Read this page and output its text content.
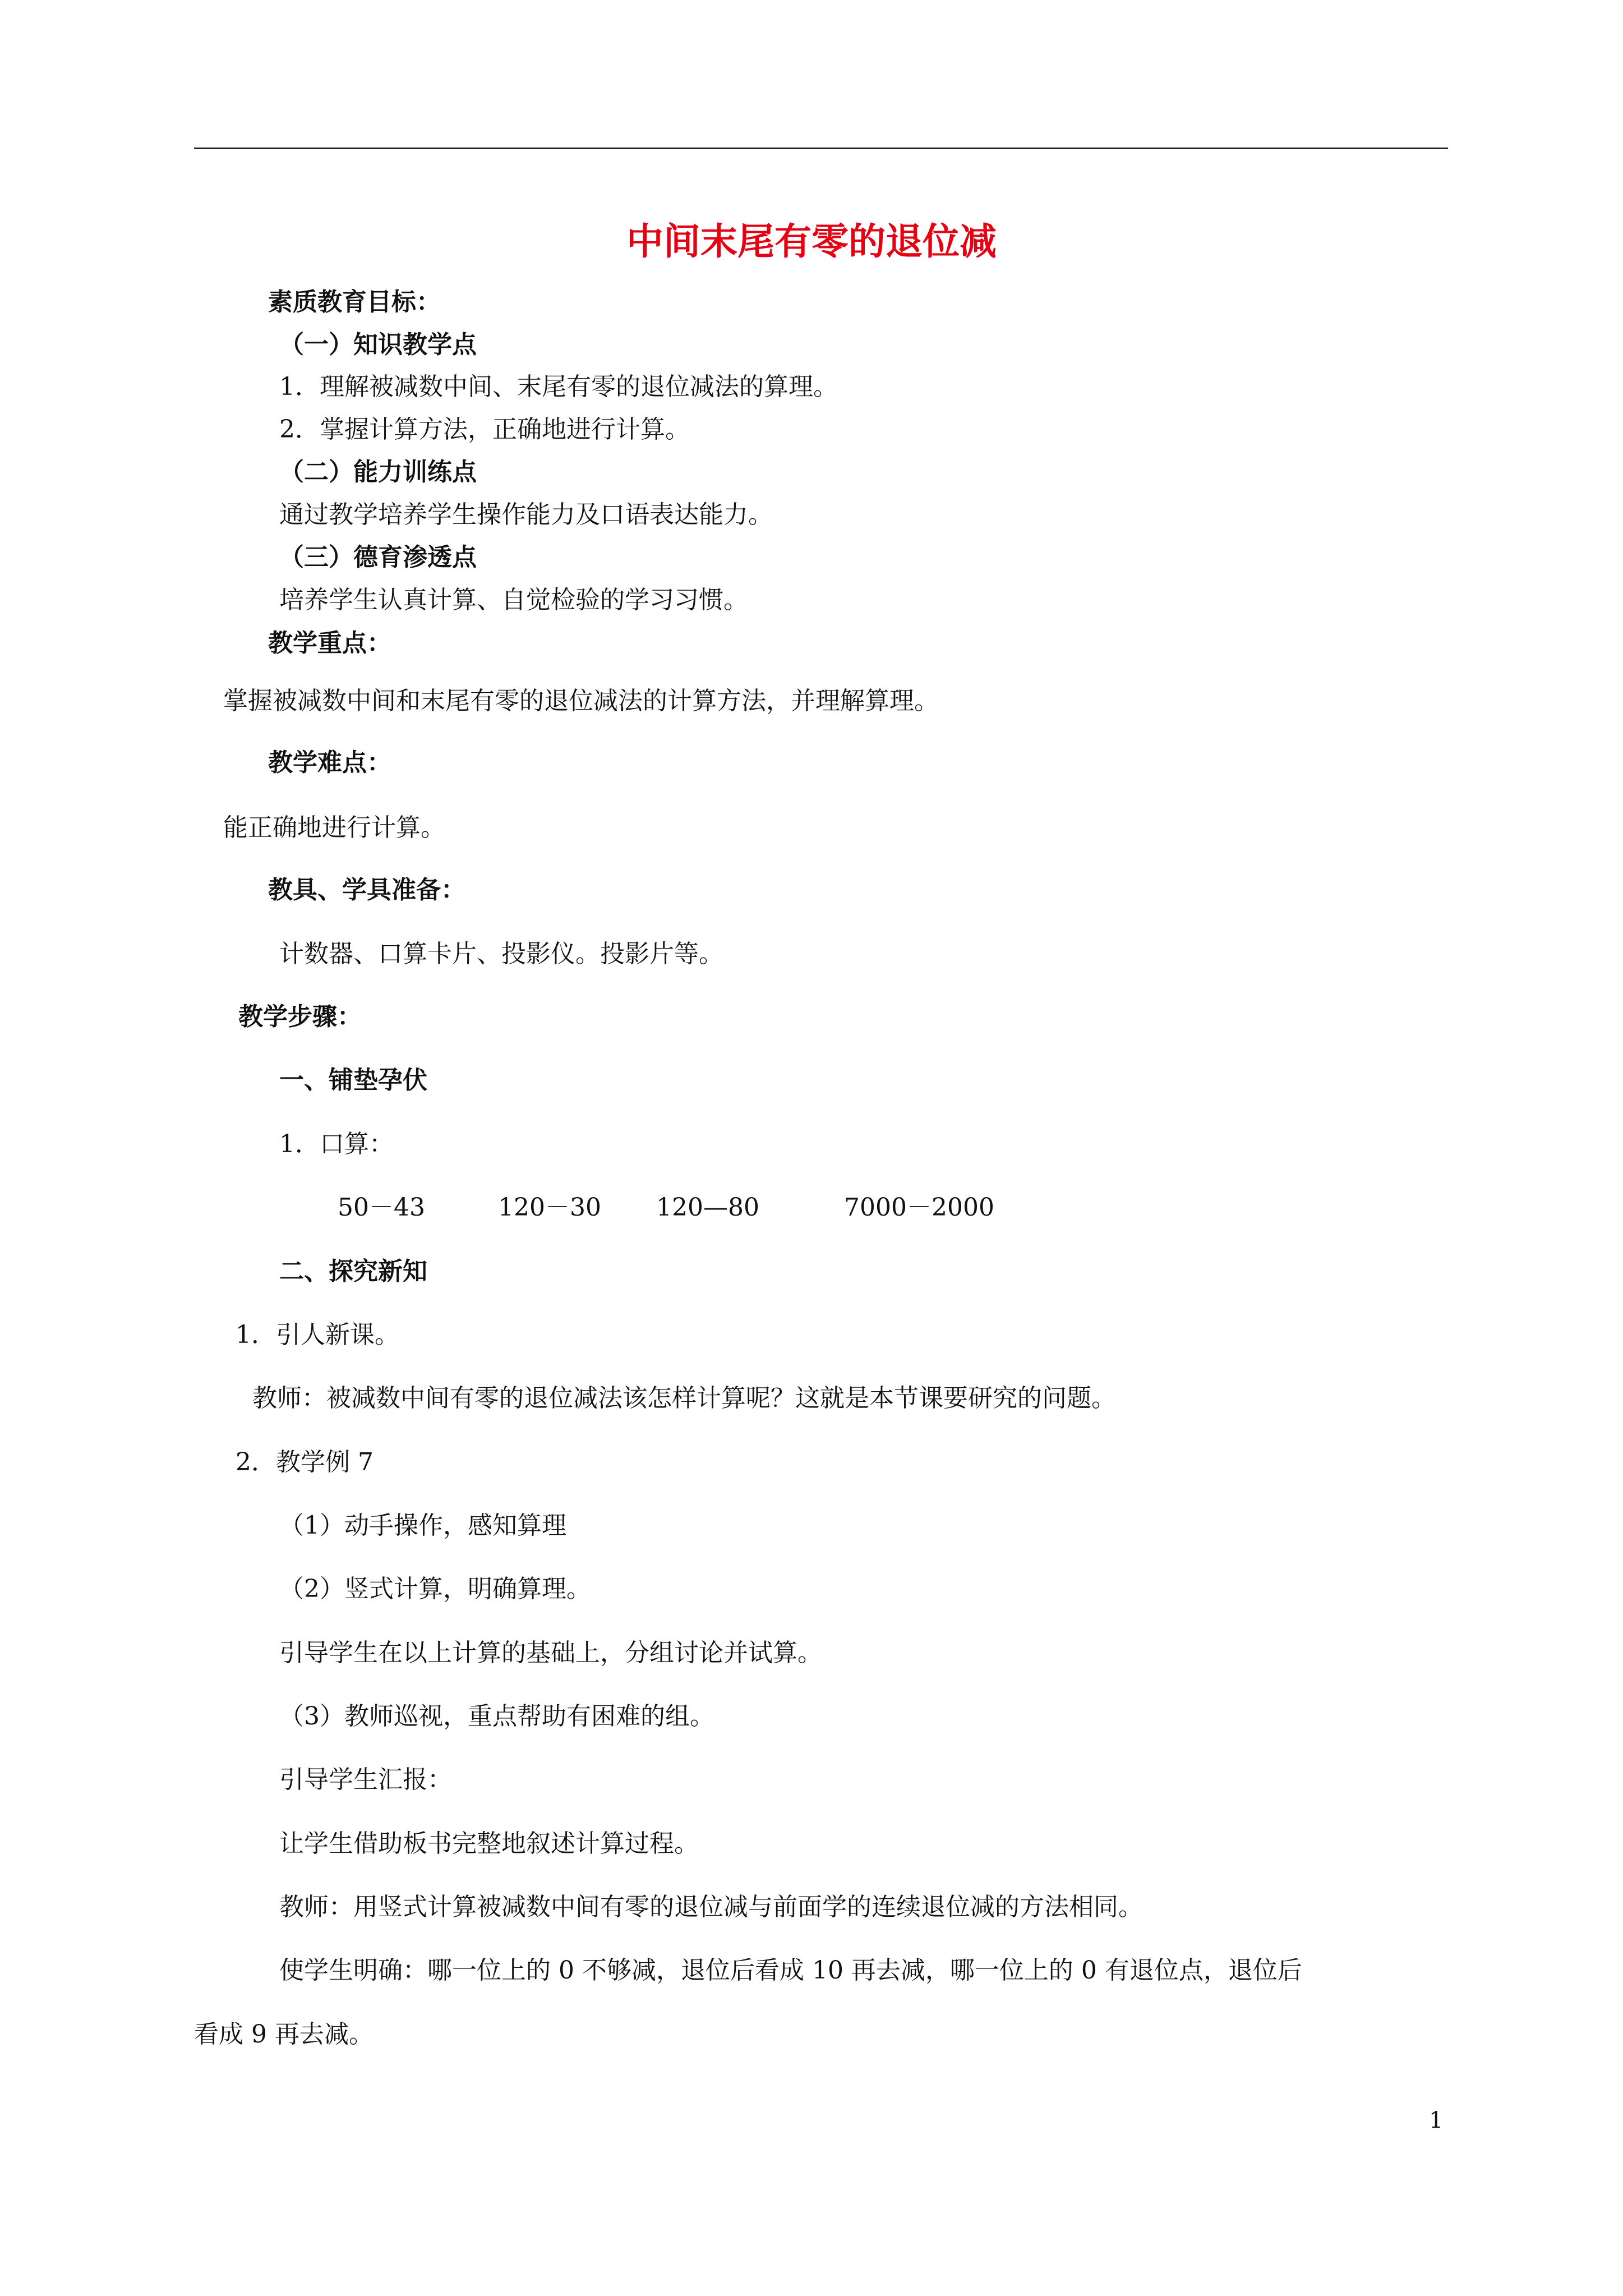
中间末尾有零的退位减
素质教育目标：
（一）知识教学点
1．理解被减数中间、末尾有零的退位减法的算理。
2．掌握计算方法，正确地进行计算。
（二）能力训练点
通过教学培养学生操作能力及口语表达能力。
（三）德育渗透点
培养学生认真计算、自觉检验的学习习惯。
教学重点：
掌握被减数中间和末尾有零的退位减法的计算方法，并理解算理。
教学难点：
能正确地进行计算。
教具、学具准备：
计数器、口算卡片、投影仪。投影片等。
教学步骤：
一、铺垫孕伏
1．口算：
50－43	120－30 120—80	7000－2000
二、探究新知
1．引人新课。
教师：被减数中间有零的退位减法该怎样计算呢？这就是本节课要研究的问题。
2．教学例 7
（1）动手操作，感知算理
（2）竖式计算，明确算理。
引导学生在以上计算的基础上，分组讨论并试算。
（3）教师巡视，重点帮助有困难的组。
引导学生汇报：
让学生借助板书完整地叙述计算过程。
教师：用竖式计算被减数中间有零的退位减与前面学的连续退位减的方法相同。
使学生明确：哪一位上的 0 不够减，退位后看成 10 再去减，哪一位上的 0 有退位点，退位后
看成 9 再去减。
1
